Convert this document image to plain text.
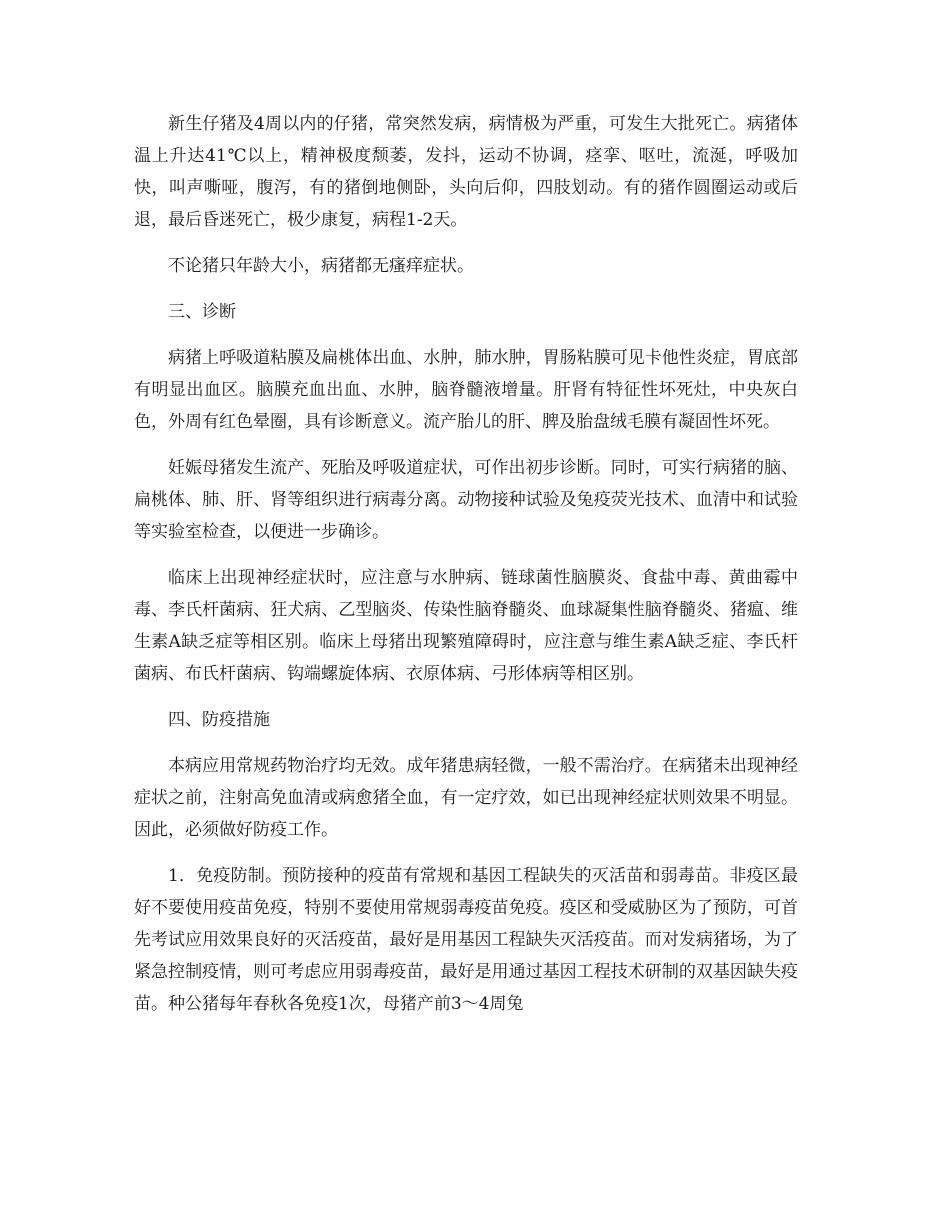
新生仔猪及4周以内的仔猪，常突然发病，病情极为严重，可发生大批死亡。病猪体温上升达41℃以上，精神极度颓萎，发抖，运动不协调，痉挛、呕吐，流涎，呼吸加快，叫声嘶哑，腹泻，有的猪倒地侧卧，头向后仰，四肢划动。有的猪作圆圈运动或后退，最后昏迷死亡，极少康复，病程1-2天。

不论猪只年龄大小，病猪都无瘙痒症状。

三、诊断

病猪上呼吸道粘膜及扁桃体出血、水肿，肺水肿，胃肠粘膜可见卡他性炎症，胃底部有明显出血区。脑膜充血出血、水肿，脑脊髓液增量。肝肾有特征性坏死灶，中央灰白色，外周有红色晕圈，具有诊断意义。流产胎儿的肝、脾及胎盘绒毛膜有凝固性坏死。

妊娠母猪发生流产、死胎及呼吸道症状，可作出初步诊断。同时，可实行病猪的脑、扁桃体、肺、肝、肾等组织进行病毒分离。动物接种试验及兔疫荧光技术、血清中和试验等实验室检查，以便进一步确诊。

临床上出现神经症状时，应注意与水肿病、链球菌性脑膜炎、食盐中毒、黄曲霉中毒、李氏杆菌病、狂犬病、乙型脑炎、传染性脑脊髓炎、血球凝集性脑脊髓炎、猪瘟、维生素A缺乏症等相区别。临床上母猪出现繁殖障碍时，应注意与维生素A缺乏症、李氏杆菌病、布氏杆菌病、钩端螺旋体病、衣原体病、弓形体病等相区别。

四、防疫措施

本病应用常规药物治疗均无效。成年猪患病轻微，一般不需治疗。在病猪未出现神经症状之前，注射高免血清或病愈猪全血，有一定疗效，如已出现神经症状则效果不明显。因此，必须做好防疫工作。

1．免疫防制。预防接种的疫苗有常规和基因工程缺失的灭活苗和弱毒苗。非疫区最好不要使用疫苗免疫，特别不要使用常规弱毒疫苗免疫。疫区和受威胁区为了预防，可首先考试应用效果良好的灭活疫苗，最好是用基因工程缺失灭活疫苗。而对发病猪场，为了紧急控制疫情，则可考虑应用弱毒疫苗，最好是用通过基因工程技术研制的双基因缺失疫苗。种公猪每年春秋各免疫1次，母猪产前3～4周兔
